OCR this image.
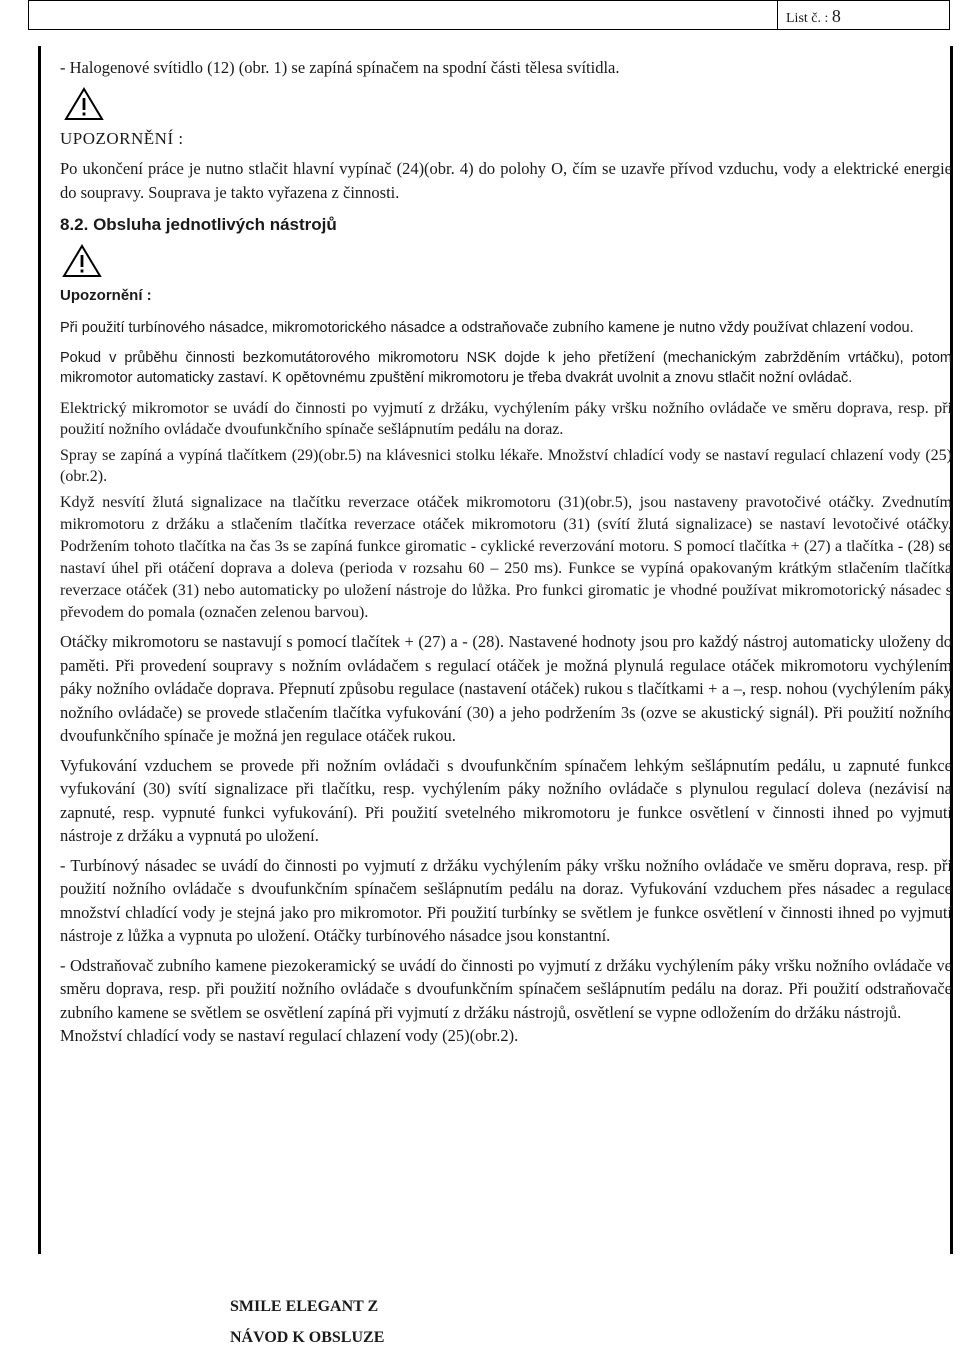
List č. : 8

- Halogenové svítidlo (12) (obr. 1) se zapíná spínačem na spodní části tělesa svítidla.

UPOZORNĚNÍ :

Po ukončení práce je nutno stlačit hlavní vypínač (24)(obr. 4) do polohy O, čím se uzavře přívod vzduchu, vody a elektrické energie do soupravy. Souprava je takto vyřazena z činnosti.

8.2. Obsluha jednotlivých nástrojů

Upozornění :

Při použití turbínového násadce, mikromotorického násadce a odstraňovače zubního kamene je nutno vždy používat chlazení vodou.

Pokud v průběhu činnosti bezkomutátorového mikromotoru NSK dojde k jeho přetížení (mechanickým zabržděním vrtáčku), potom mikromotor automaticky zastaví. K opětovnému zpuštění mikromotoru je třeba dvakrát uvolnit a znovu stlačit nožní ovládač.

Elektrický mikromotor se uvádí do činnosti po vyjmutí z držáku, vychýlením páky vršku nožního ovládače ve směru doprava, resp. při použití nožního ovládače dvoufunkčního spínače sešlápnutím pedálu na doraz.

Spray se zapíná a vypíná tlačítkem (29)(obr.5) na klávesnici stolku lékaře. Množství chladící vody se nastaví regulací chlazení vody (25)(obr.2).

Když nesvítí žlutá signalizace na tlačítku reverzace otáček mikromotoru (31)(obr.5), jsou nastaveny pravotočivé otáčky. Zvednutím mikromotoru z držáku a stlačením tlačítka reverzace otáček mikromotoru (31) (svítí žlutá signalizace) se nastaví levotočivé otáčky. Podržením tohoto tlačítka na čas 3s se zapíná funkce giromatic - cyklické reverzování motoru. S pomocí tlačítka + (27) a tlačítka - (28) se nastaví úhel při otáčení doprava a doleva (perioda v rozsahu 60 – 250 ms). Funkce se vypíná opakovaným krátkým stlačením tlačítka reverzace otáček (31) nebo automaticky po uložení nástroje do lůžka. Pro funkci giromatic je vhodné používat mikromotorický násadec s převodem do pomala (označen zelenou barvou).

Otáčky mikromotoru se nastavují s pomocí tlačítek + (27) a - (28). Nastavené hodnoty jsou pro každý nástroj automaticky uloženy do paměti. Při provedení soupravy s nožním ovládačem s regulací otáček je možná plynulá regulace otáček mikromotoru vychýlením páky nožního ovládače doprava. Přepnutí způsobu regulace (nastavení otáček) rukou s tlačítkami + a –, resp. nohou (vychýlením páky nožního ovládače) se provede stlačením tlačítka vyfukování (30) a jeho podržením 3s (ozve se akustický signál). Při použití nožního dvoufunkčního spínače je možná jen regulace otáček rukou.

Vyfukování vzduchem se provede při nožním ovládači s dvoufunkčním spínačem lehkým sešlápnutím pedálu, u zapnuté funkce vyfukování (30) svítí signalizace při tlačítku, resp. vychýlením páky nožního ovládače s plynulou regulací doleva (nezávisí na zapnuté, resp. vypnuté funkci vyfukování). Při použití svetelného mikromotoru je funkce osvětlení v činnosti ihned po vyjmutí nástroje z držáku a vypnutá po uložení.

- Turbínový násadec se uvádí do činnosti po vyjmutí z držáku vychýlením páky vršku nožního ovládače ve směru doprava, resp. při použití nožního ovládače s dvoufunkčním spínačem sešlápnutím pedálu na doraz. Vyfukování vzduchem přes násadec a regulace množství chladící vody je stejná jako pro mikromotor. Při použití turbínky se světlem je funkce osvětlení v činnosti ihned po vyjmutí nástroje z lůžka a vypnuta po uložení. Otáčky turbínového násadce jsou konstantní.

- Odstraňovač zubního kamene piezokeramický se uvádí do činnosti po vyjmutí z držáku vychýlením páky vršku nožního ovládače ve směru doprava, resp. při použití nožního ovládače s dvoufunkčním spínačem sešlápnutím pedálu na doraz. Při použití odstraňovače zubního kamene se světlem se osvětlení zapíná při vyjmutí z držáku nástrojů, osvětlení se vypne odložením do držáku nástrojů.

Množství chladící vody se nastaví regulací chlazení vody (25)(obr.2).

SMILE ELEGANT Z
NÁVOD K OBSLUZE
